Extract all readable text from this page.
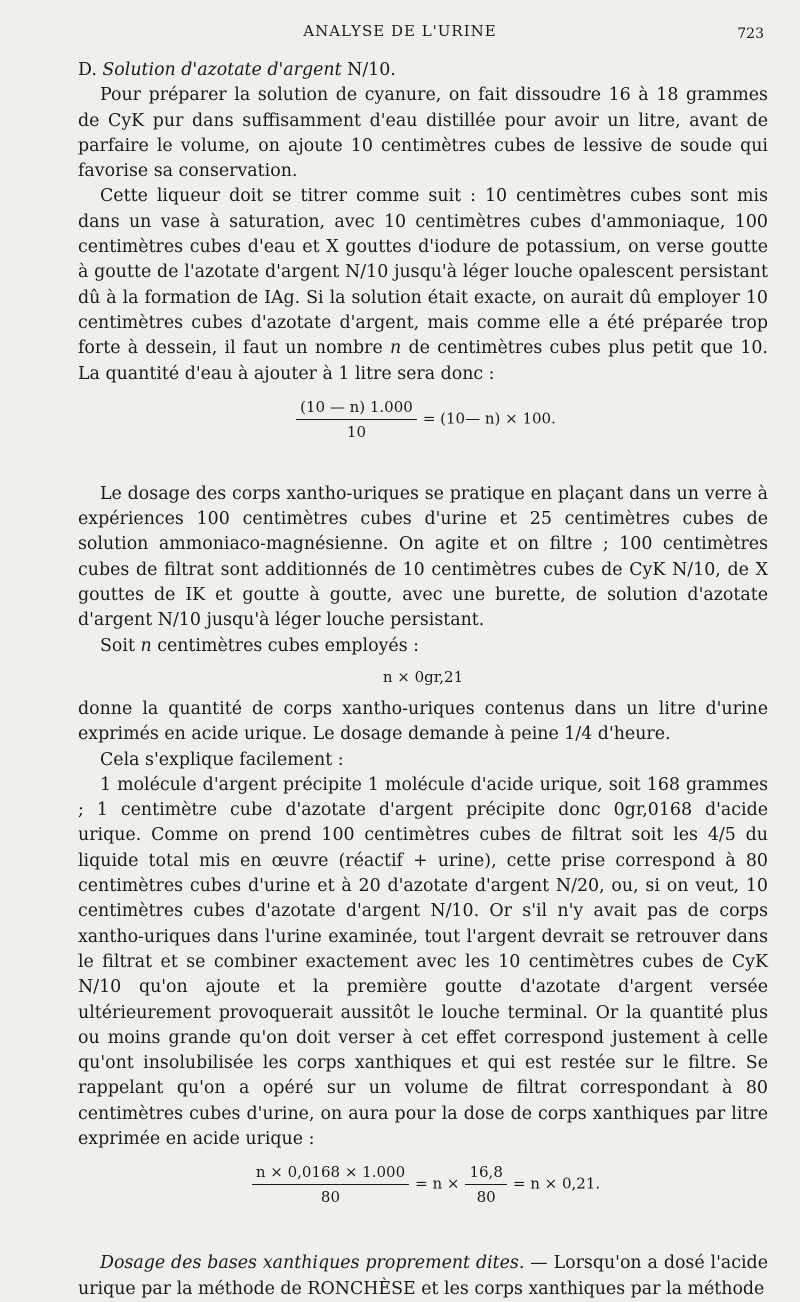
ANALYSE DE L'URINE	723

D. Solution d'azotate d'argent N/10.

Pour préparer la solution de cyanure, on fait dissoudre 16 à 18 grammes de CyK pur dans suffisamment d'eau distillée pour avoir un litre, avant de parfaire le volume, on ajoute 10 centimètres cubes de lessive de soude qui favorise sa conservation.

Cette liqueur doit se titrer comme suit : 10 centimètres cubes sont mis dans un vase à saturation, avec 10 centimètres cubes d'ammoniaque, 100 centimètres cubes d'eau et X gouttes d'iodure de potassium, on verse goutte à goutte de l'azotate d'argent N/10 jusqu'à léger louche opalescent persistant dû à la formation de IAg. Si la solution était exacte, on aurait dû employer 10 centimètres cubes d'azotate d'argent, mais comme elle a été préparée trop forte à dessein, il faut un nombre n de centimètres cubes plus petit que 10. La quantité d'eau à ajouter à 1 litre sera donc :

$\frac{(10 — n) 1.000}{10}$ = (10— n) × 100.

Le dosage des corps xantho-uriques se pratique en plaçant dans un verre à expériences 100 centimètres cubes d'urine et 25 centimètres cubes de solution ammoniaco-magnésienne. On agite et on filtre ; 100 centimètres cubes de filtrat sont additionnés de 10 centimètres cubes de CyK N/10, de X gouttes de IK et goutte à goutte, avec une burette, de solution d'azotate d'argent N/10 jusqu'à léger louche persistant.

Soit n centimètres cubes employés :

n × 0gr,21

donne la quantité de corps xantho-uriques contenus dans un litre d'urine exprimés en acide urique. Le dosage demande à peine 1/4 d'heure.

Cela s'explique facilement :

1 molécule d'argent précipite 1 molécule d'acide urique, soit 168 grammes ; 1 centimètre cube d'azotate d'argent précipite donc 0gr,0168 d'acide urique. Comme on prend 100 centimètres cubes de filtrat soit les 4/5 du liquide total mis en œuvre (réactif + urine), cette prise correspond à 80 centimètres cubes d'urine et à 20 d'azotate d'argent N/20, ou, si on veut, 10 centimètres cubes d'azotate d'argent N/10. Or s'il n'y avait pas de corps xantho-uriques dans l'urine examinée, tout l'argent devrait se retrouver dans le filtrat et se combiner exactement avec les 10 centimètres cubes de CyK N/10 qu'on ajoute et la première goutte d'azotate d'argent versée ultérieurement provoquerait aussitôt le louche terminal. Or la quantité plus ou moins grande qu'on doit verser à cet effet correspond justement à celle qu'ont insolubilisée les corps xanthiques et qui est restée sur le filtre. Se rappelant qu'on a opéré sur un volume de filtrat correspondant à 80 centimètres cubes d'urine, on aura pour la dose de corps xanthiques par litre exprimée en acide urique :

$\frac{n \times 0,0168 \times 1.000}{80} = n \times \frac{16,8}{80} = n \times 0,21$.

Dosage des bases xanthiques proprement dites. — Lorsqu'on a dosé l'acide urique par la méthode de RONCHÈSE et les corps xanthiques par la méthode
